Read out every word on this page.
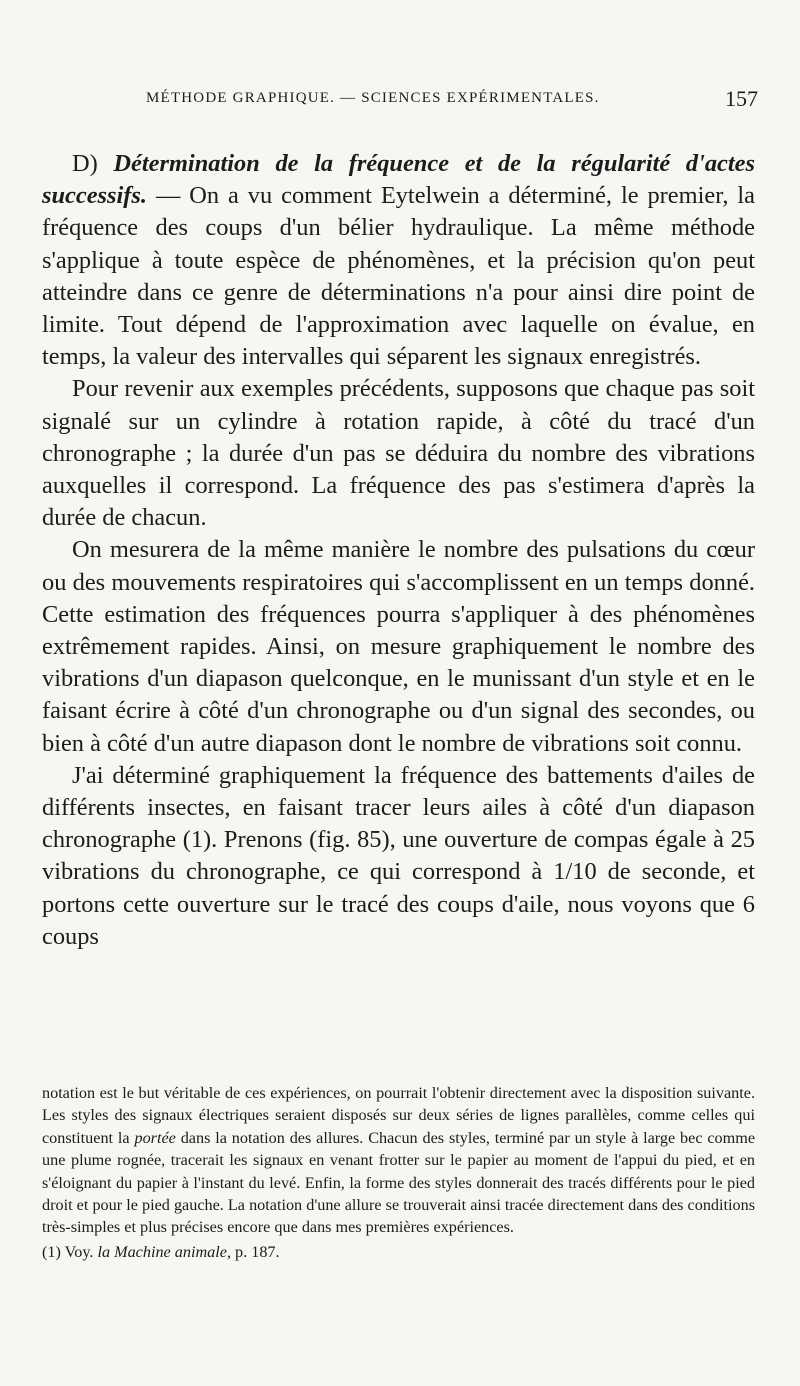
MÉTHODE GRAPHIQUE. — SCIENCES EXPÉRIMENTALES.	157

D) Détermination de la fréquence et de la régularité d'actes successifs. — On a vu comment Eytelwein a déterminé, le premier, la fréquence des coups d'un bélier hydraulique. La même méthode s'applique à toute espèce de phénomènes, et la précision qu'on peut atteindre dans ce genre de déterminations n'a pour ainsi dire point de limite. Tout dépend de l'approximation avec laquelle on évalue, en temps, la valeur des intervalles qui séparent les signaux enregistrés.

Pour revenir aux exemples précédents, supposons que chaque pas soit signalé sur un cylindre à rotation rapide, à côté du tracé d'un chronographe ; la durée d'un pas se déduira du nombre des vibrations auxquelles il correspond. La fréquence des pas s'estimera d'après la durée de chacun.

On mesurera de la même manière le nombre des pulsations du cœur ou des mouvements respiratoires qui s'accomplissent en un temps donné. Cette estimation des fréquences pourra s'appliquer à des phénomènes extrêmement rapides. Ainsi, on mesure graphiquement le nombre des vibrations d'un diapason quelconque, en le munissant d'un style et en le faisant écrire à côté d'un chronographe ou d'un signal des secondes, ou bien à côté d'un autre diapason dont le nombre de vibrations soit connu.

J'ai déterminé graphiquement la fréquence des battements d'ailes de différents insectes, en faisant tracer leurs ailes à côté d'un diapason chronographe (1). Prenons (fig. 85), une ouverture de compas égale à 25 vibrations du chronographe, ce qui correspond à 1/10 de seconde, et portons cette ouverture sur le tracé des coups d'aile, nous voyons que 6 coups

notation est le but véritable de ces expériences, on pourrait l'obtenir directement avec la disposition suivante. Les styles des signaux électriques seraient disposés sur deux séries de lignes parallèles, comme celles qui constituent la portée dans la notation des allures. Chacun des styles, terminé par un style à large bec comme une plume rognée, tracerait les signaux en venant frotter sur le papier au moment de l'appui du pied, et en s'éloignant du papier à l'instant du levé. Enfin, la forme des styles donnerait des tracés différents pour le pied droit et pour le pied gauche. La notation d'une allure se trouverait ainsi tracée directement dans des conditions très-simples et plus précises encore que dans mes premières expériences.

(1) Voy. la Machine animale, p. 187.
